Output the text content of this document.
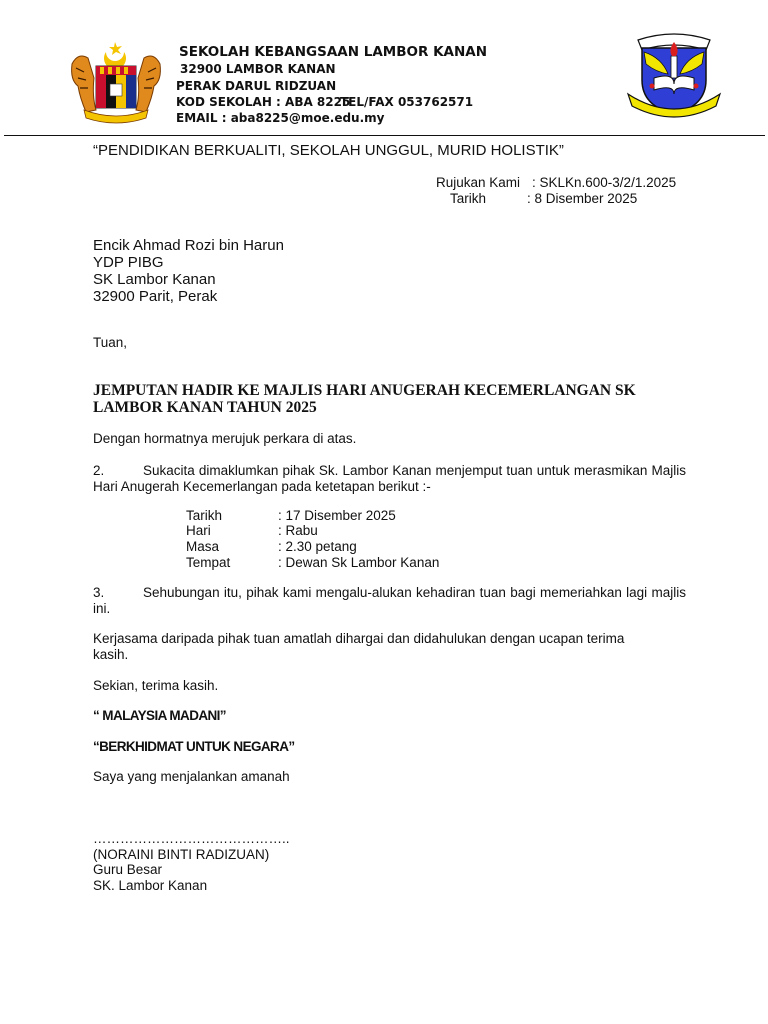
SEKOLAH KEBANGSAAN LAMBOR KANAN
32900 LAMBOR KANAN
PERAK DARUL RIDZUAN
KOD SEKOLAH : ABA 8225
TEL/FAX 053762571
EMAIL : aba8225@moe.edu.my
“PENDIDIKAN BERKUALITI, SEKOLAH UNGGUL, MURID HOLISTIK”
Rujukan Kami : SKLKn.600-3/2/1.2025
Tarikh	: 8 Disember 2025
Encik Ahmad Rozi bin Harun
YDP PIBG
SK Lambor Kanan
32900 Parit, Perak
Tuan,
JEMPUTAN HADIR KE MAJLIS HARI ANUGERAH KECEMERLANGAN SK LAMBOR KANAN TAHUN 2025
Dengan hormatnya merujuk perkara di atas.
2.	Sukacita dimaklumkan pihak Sk. Lambor Kanan menjemput tuan untuk merasmikan Majlis Hari Anugerah Kecemerlangan pada ketetapan berikut :-
Tarikh	: 17 Disember 2025
Hari	: Rabu
Masa	: 2.30 petang
Tempat	: Dewan Sk Lambor Kanan
3.	Sehubungan itu, pihak kami mengalu-alukan kehadiran tuan bagi memeriahkan lagi majlis ini.
Kerjasama daripada pihak tuan amatlah dihargai dan didahulukan dengan ucapan terima kasih.
Sekian, terima kasih.
“ MALAYSIA MADANI”
“BERKHIDMAT UNTUK NEGARA”
Saya yang menjalankan amanah
……………………………………..
(NORAINI BINTI RADIZUAN)
Guru Besar
SK. Lambor Kanan
